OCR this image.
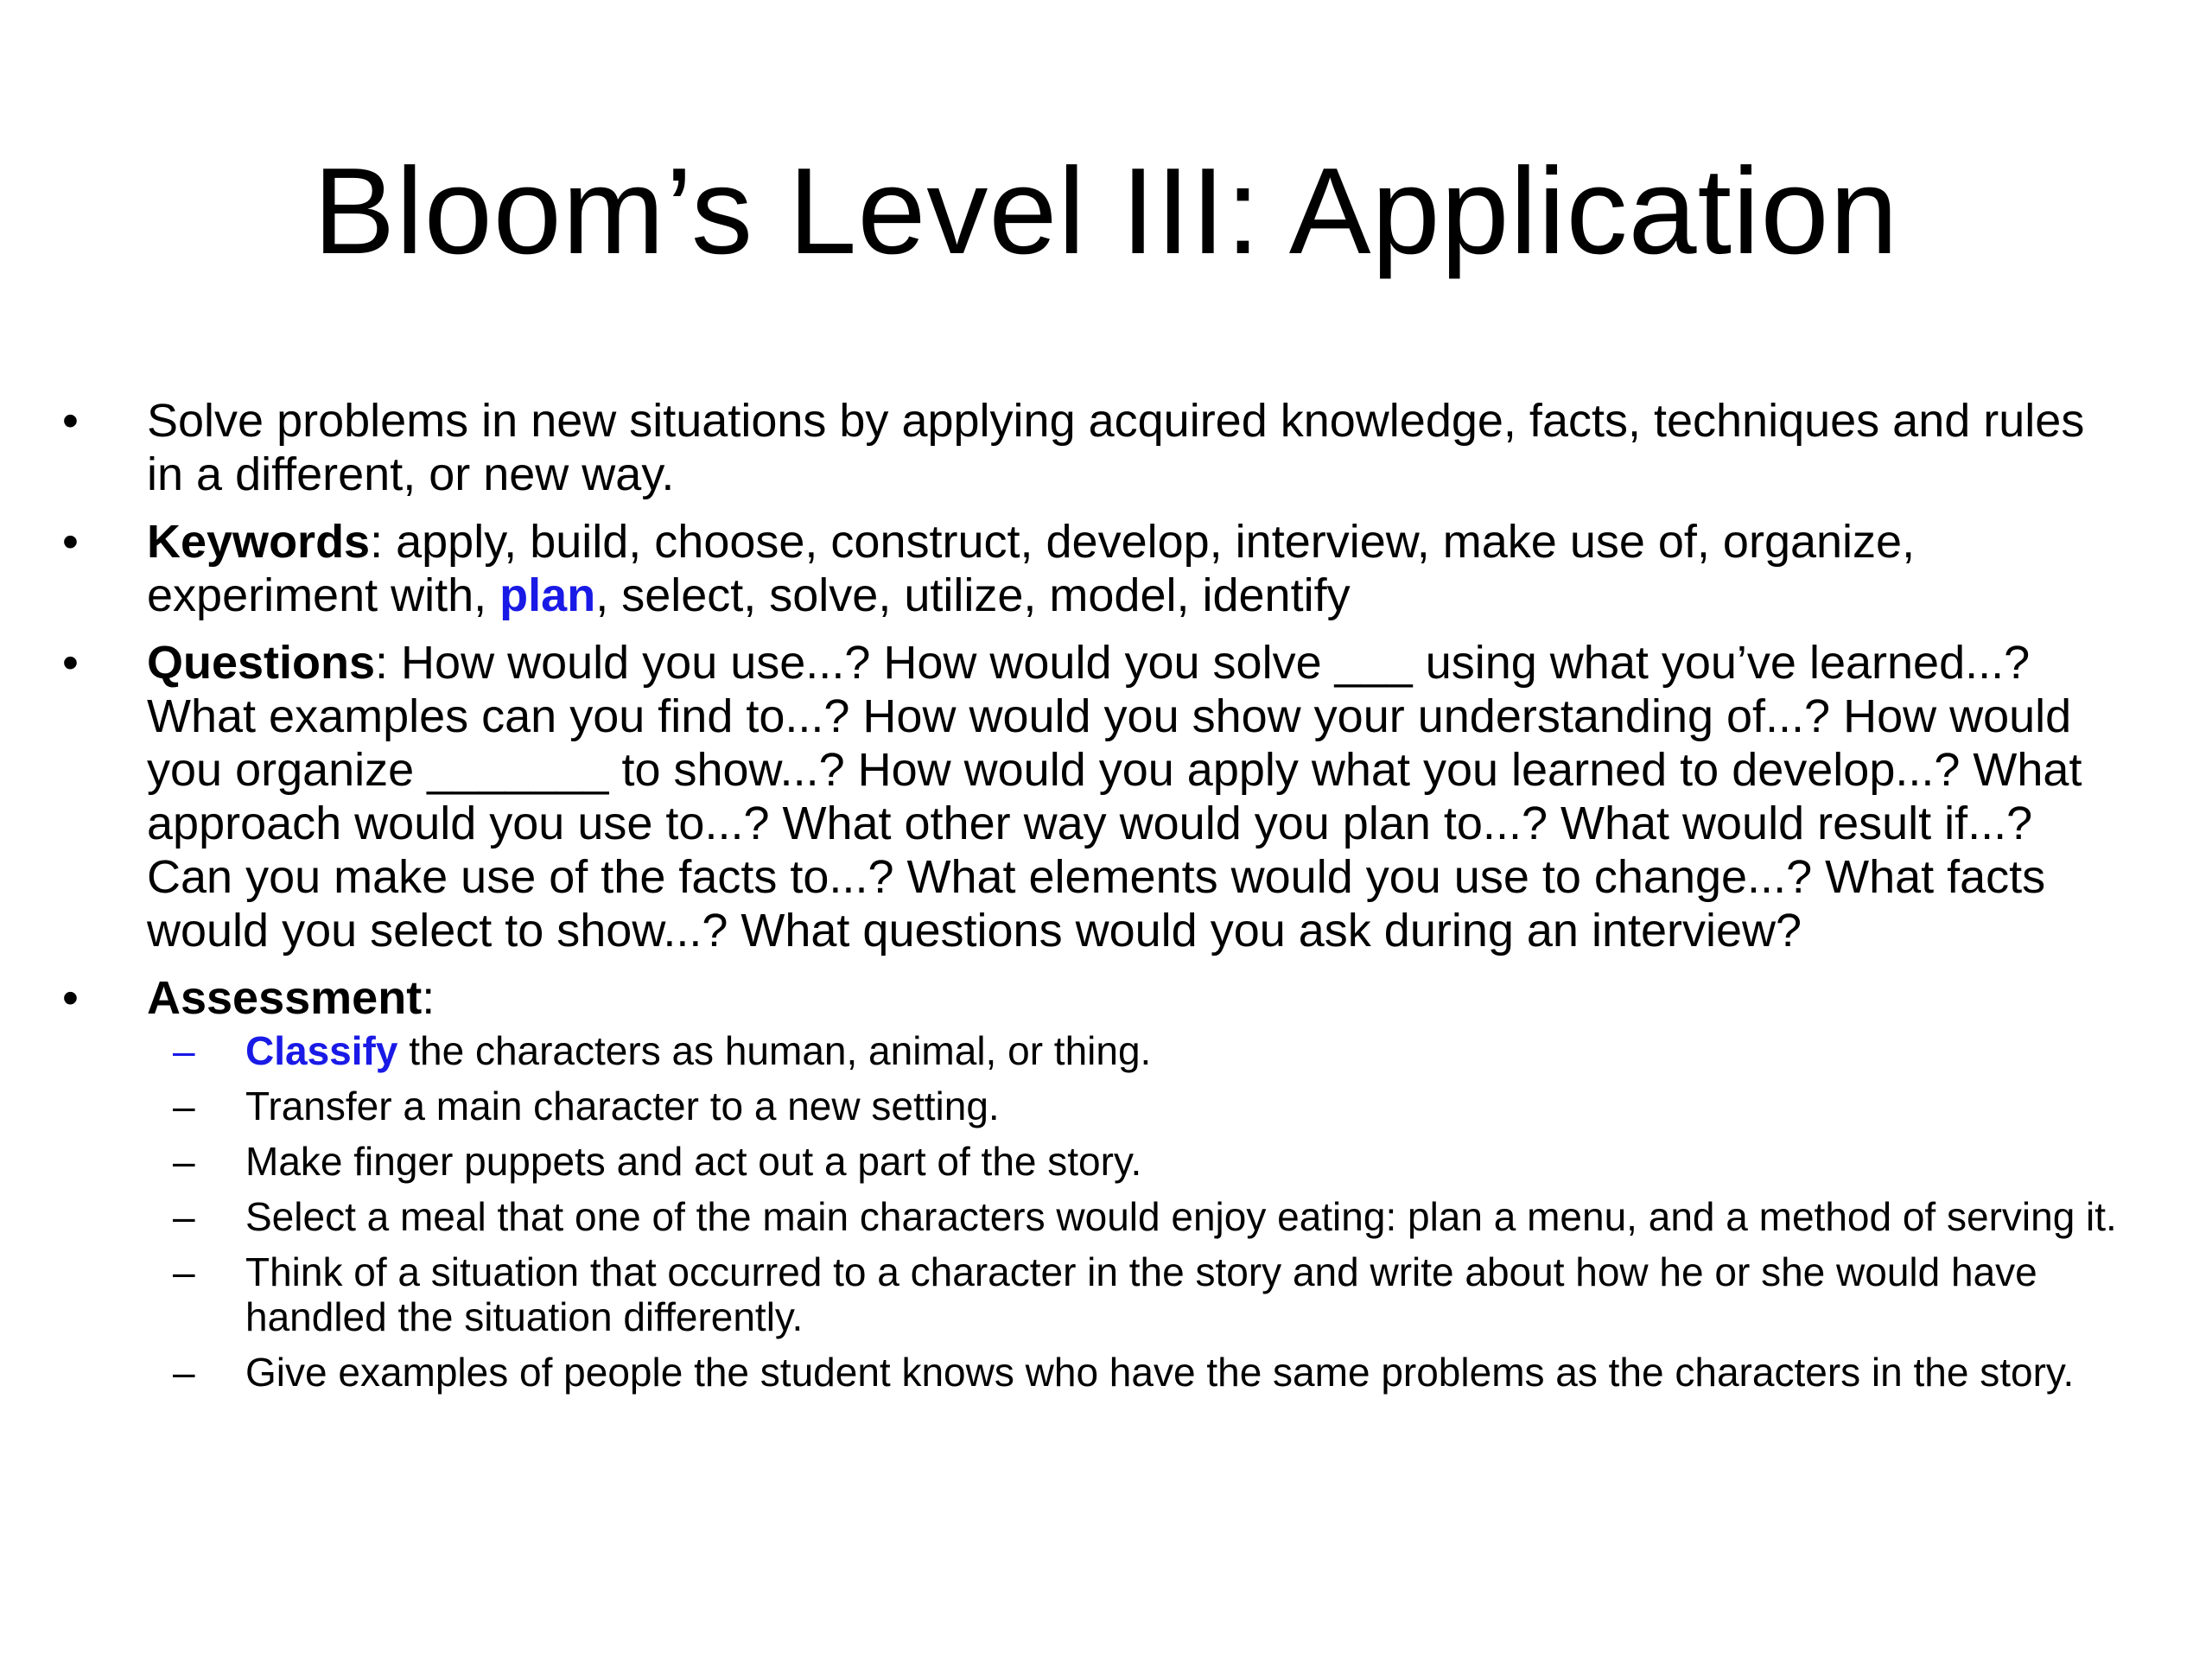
Bloom’s Level III: Application
•	Solve problems in new situations by applying acquired knowledge, facts, techniques and rules in a different, or new way.
•	Keywords: apply, build, choose, construct, develop, interview, make use of, organize, experiment with, plan, select, solve, utilize, model, identify
•	Questions: How would you use...? How would you solve ___ using what you’ve learned...? What examples can you find to...? How would you show your understanding of...? How would you organize _______ to show...? How would you apply what you learned to develop...? What approach would you use to...? What other way would you plan to...? What would result if...? Can you make use of the facts to...? What elements would you use to change...? What facts would you select to show...? What questions would you ask during an interview?
•	Assessment:
–	Classify the characters as human, animal, or thing.
–	Transfer a main character to a new setting.
–	Make finger puppets and act out a part of the story.
–	Select a meal that one of the main characters would enjoy eating: plan a menu, and a method of serving it.
–	Think of a situation that occurred to a character in the story and write about how he or she would have handled the situation differently.
–	Give examples of people the student knows who have the same problems as the characters in the story.
